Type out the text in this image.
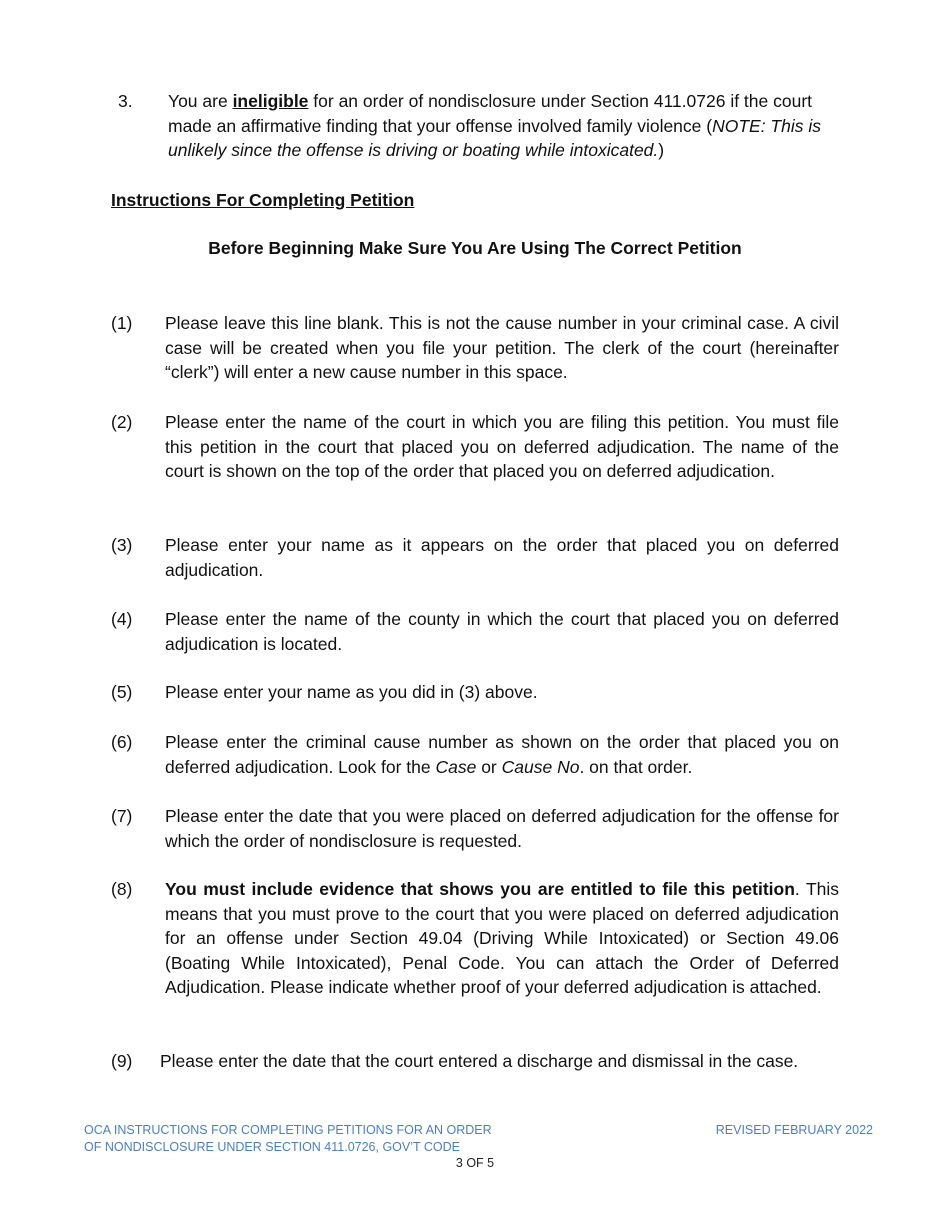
3. You are ineligible for an order of nondisclosure under Section 411.0726 if the court made an affirmative finding that your offense involved family violence (NOTE: This is unlikely since the offense is driving or boating while intoxicated.)
Instructions For Completing Petition
Before Beginning Make Sure You Are Using The Correct Petition
(1) Please leave this line blank. This is not the cause number in your criminal case. A civil case will be created when you file your petition. The clerk of the court (hereinafter “clerk”) will enter a new cause number in this space.
(2) Please enter the name of the court in which you are filing this petition. You must file this petition in the court that placed you on deferred adjudication. The name of the court is shown on the top of the order that placed you on deferred adjudication.
(3) Please enter your name as it appears on the order that placed you on deferred adjudication.
(4) Please enter the name of the county in which the court that placed you on deferred adjudication is located.
(5) Please enter your name as you did in (3) above.
(6) Please enter the criminal cause number as shown on the order that placed you on deferred adjudication. Look for the Case or Cause No. on that order.
(7) Please enter the date that you were placed on deferred adjudication for the offense for which the order of nondisclosure is requested.
(8) You must include evidence that shows you are entitled to file this petition. This means that you must prove to the court that you were placed on deferred adjudication for an offense under Section 49.04 (Driving While Intoxicated) or Section 49.06 (Boating While Intoxicated), Penal Code. You can attach the Order of Deferred Adjudication. Please indicate whether proof of your deferred adjudication is attached.
(9) Please enter the date that the court entered a discharge and dismissal in the case.
OCA INSTRUCTIONS FOR COMPLETING PETITIONS FOR AN ORDER
OF NONDISCLOSURE UNDER SECTION 411.0726, GOV’T CODE
REVISED FEBRUARY 2022
3 OF 5
